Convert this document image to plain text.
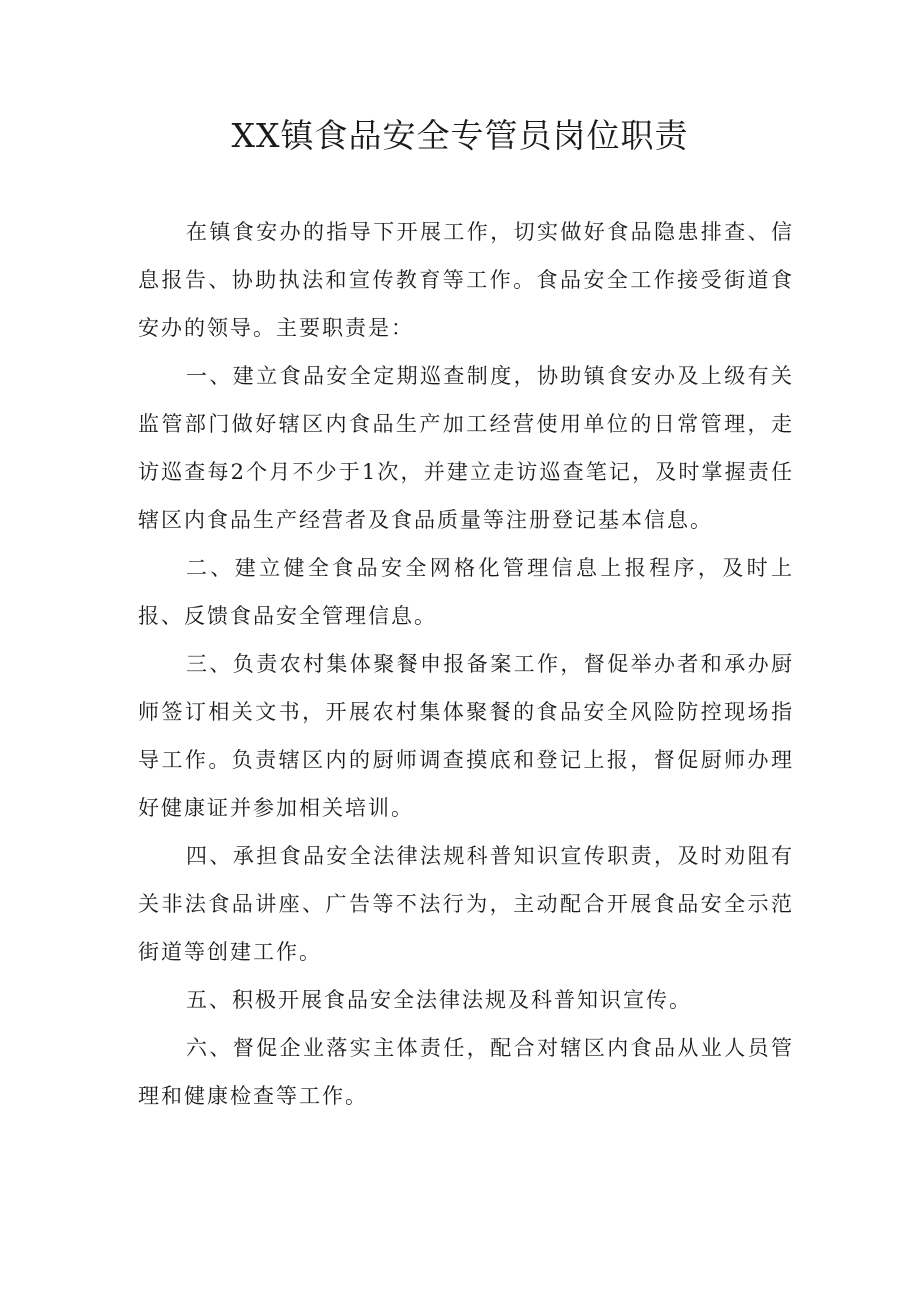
XX镇食品安全专管员岗位职责

在镇食安办的指导下开展工作，切实做好食品隐患排查、信息报告、协助执法和宣传教育等工作。食品安全工作接受街道食安办的领导。主要职责是：

一、建立食品安全定期巡查制度，协助镇食安办及上级有关监管部门做好辖区内食品生产加工经营使用单位的日常管理，走访巡查每2个月不少于1次，并建立走访巡查笔记，及时掌握责任辖区内食品生产经营者及食品质量等注册登记基本信息。

二、建立健全食品安全网格化管理信息上报程序，及时上报、反馈食品安全管理信息。

三、负责农村集体聚餐申报备案工作，督促举办者和承办厨师签订相关文书，开展农村集体聚餐的食品安全风险防控现场指导工作。负责辖区内的厨师调查摸底和登记上报，督促厨师办理好健康证并参加相关培训。

四、承担食品安全法律法规科普知识宣传职责，及时劝阻有关非法食品讲座、广告等不法行为，主动配合开展食品安全示范街道等创建工作。

五、积极开展食品安全法律法规及科普知识宣传。

六、督促企业落实主体责任，配合对辖区内食品从业人员管理和健康检查等工作。
